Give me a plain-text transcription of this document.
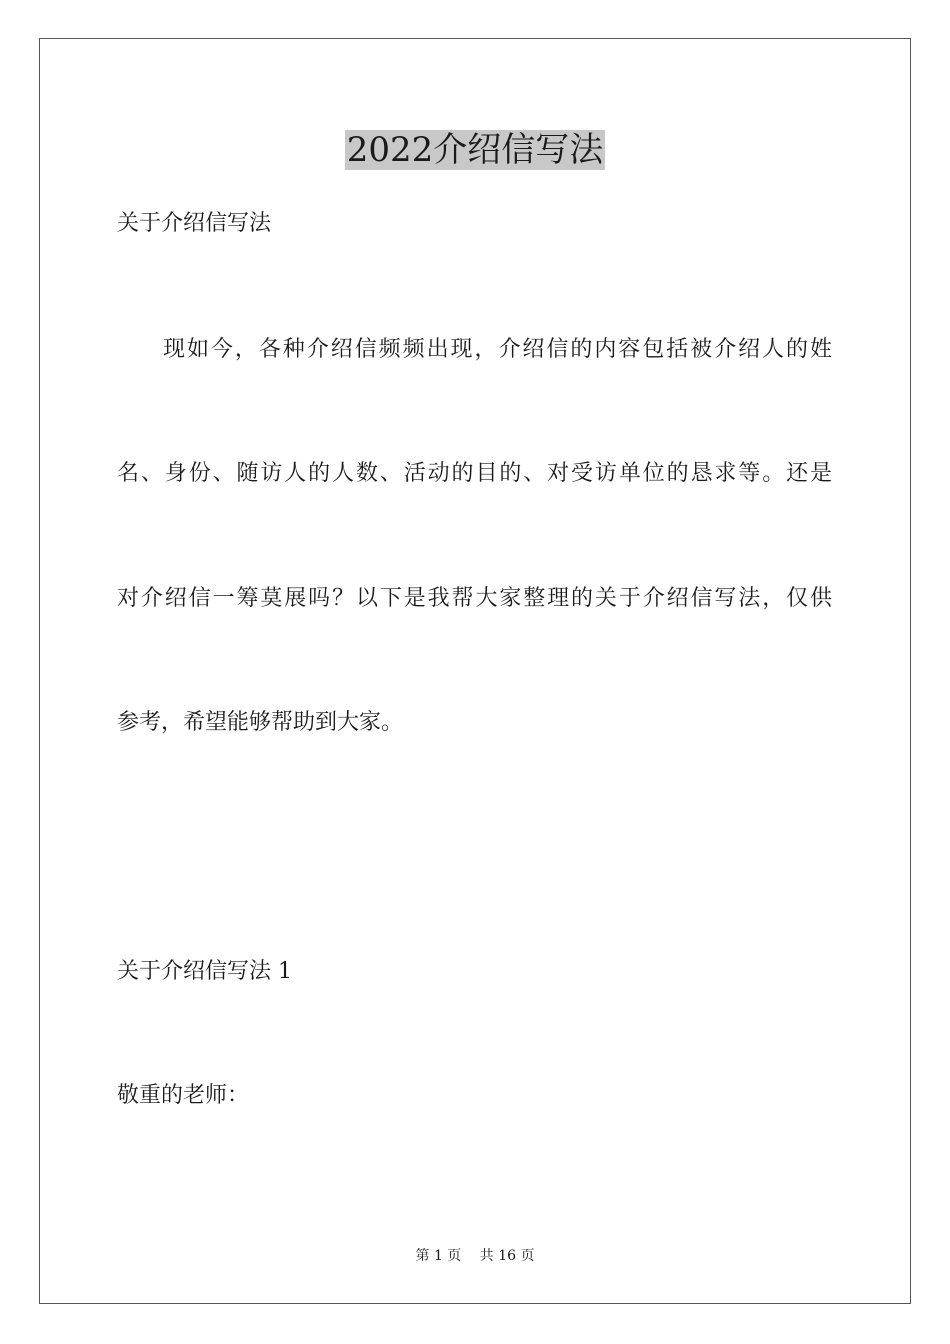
2022介绍信写法
关于介绍信写法
现如今，各种介绍信频频出现，介绍信的内容包括被介绍人的姓
名、身份、随访人的人数、活动的目的、对受访单位的恳求等。还是
对介绍信一筹莫展吗？以下是我帮大家整理的关于介绍信写法，仅供
参考，希望能够帮助到大家。
关于介绍信写法 1
敬重的老师：
第 1 页　 共 16 页
